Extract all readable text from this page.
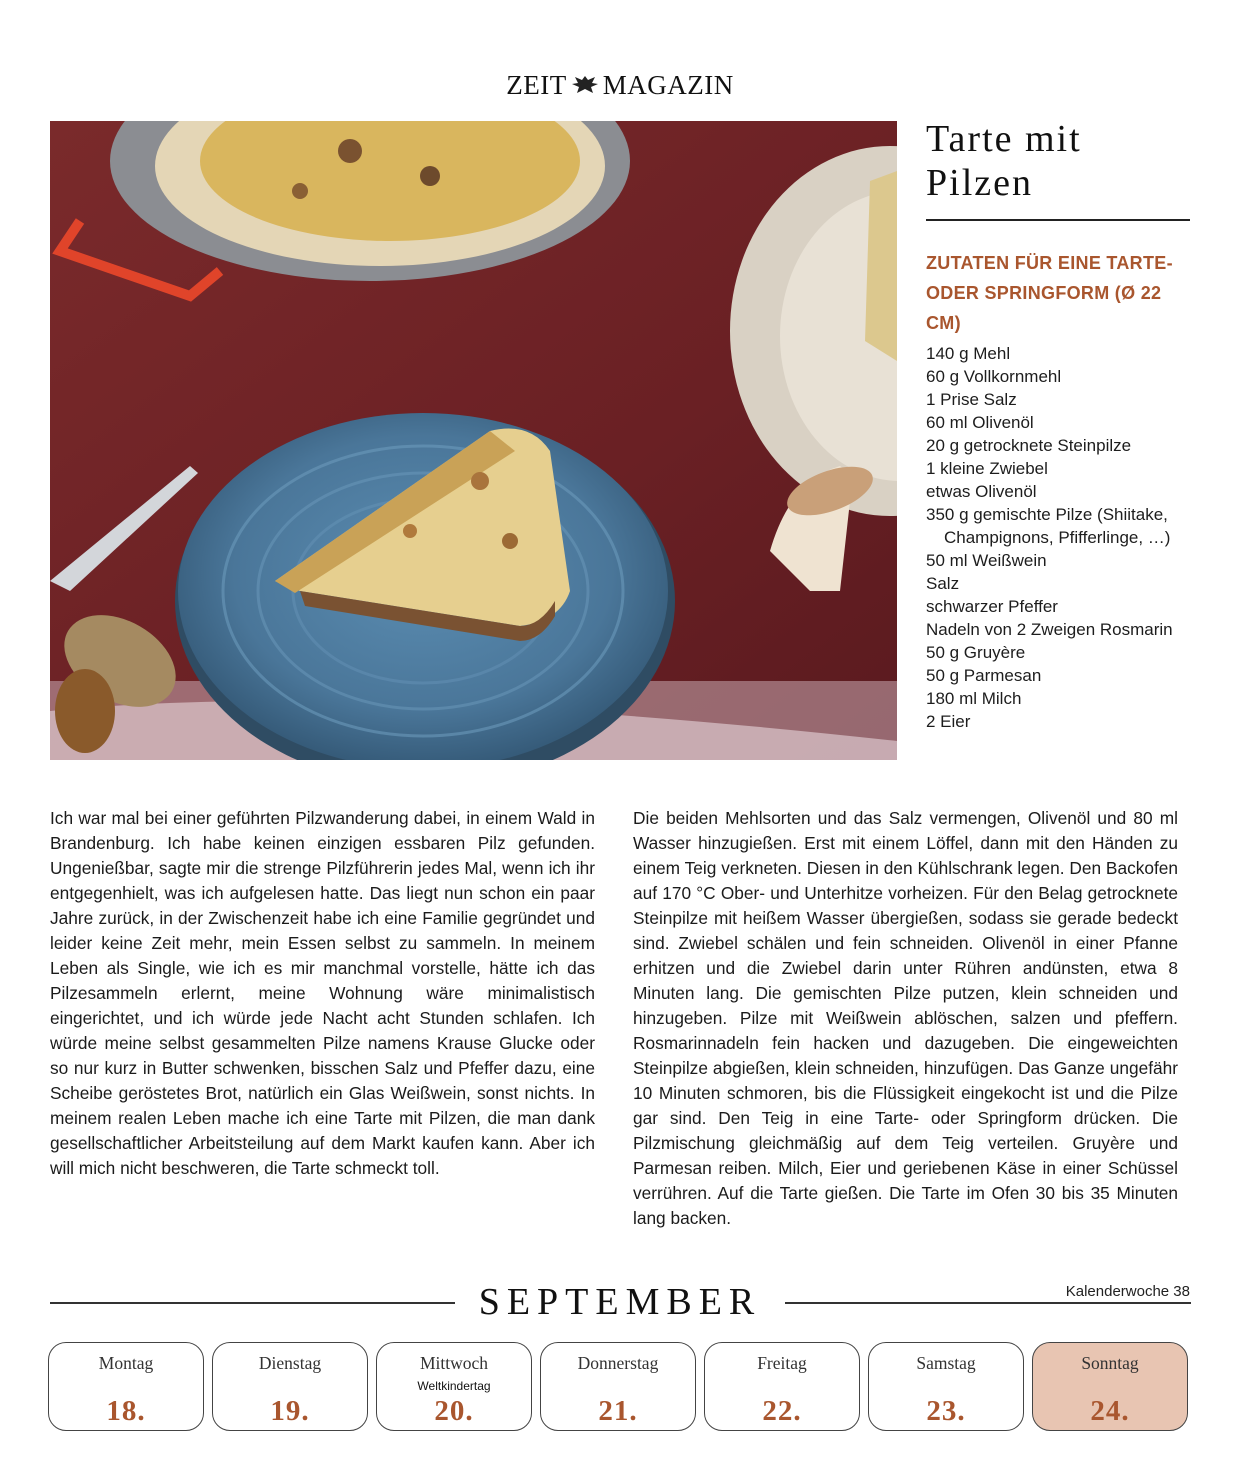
ZEIT MAGAZIN
Tarte mit Pilzen
ZUTATEN FÜR EINE TARTE- ODER SPRINGFORM (Ø 22 CM)
140 g Mehl
60 g Vollkornmehl
1 Prise Salz
60 ml Olivenöl
20 g getrocknete Steinpilze
1 kleine Zwiebel
etwas Olivenöl
350 g gemischte Pilze (Shiitake, Champignons, Pfifferlinge, …)
50 ml Weißwein
Salz
schwarzer Pfeffer
Nadeln von 2 Zweigen Rosmarin
50 g Gruyère
50 g Parmesan
180 ml Milch
2 Eier
Ich war mal bei einer geführten Pilzwanderung dabei, in einem Wald in Brandenburg. Ich habe keinen einzigen essbaren Pilz gefunden. Ungenießbar, sagte mir die strenge Pilzführerin jedes Mal, wenn ich ihr entgegenhielt, was ich aufgelesen hatte. Das liegt nun schon ein paar Jahre zurück, in der Zwischenzeit habe ich eine Familie gegründet und leider keine Zeit mehr, mein Essen selbst zu sammeln. In meinem Leben als Single, wie ich es mir manchmal vorstelle, hätte ich das Pilzesammeln erlernt, meine Wohnung wäre minimalistisch eingerichtet, und ich würde jede Nacht acht Stunden schlafen. Ich würde meine selbst gesammelten Pilze namens Krause Glucke oder so nur kurz in Butter schwenken, bisschen Salz und Pfeffer dazu, eine Scheibe geröstetes Brot, natürlich ein Glas Weißwein, sonst nichts. In meinem realen Leben mache ich eine Tarte mit Pilzen, die man dank gesellschaftlicher Arbeitsteilung auf dem Markt kaufen kann. Aber ich will mich nicht beschweren, die Tarte schmeckt toll.
Die beiden Mehlsorten und das Salz vermengen, Olivenöl und 80 ml Wasser hinzugießen. Erst mit einem Löffel, dann mit den Händen zu einem Teig verkneten. Diesen in den Kühlschrank legen. Den Backofen auf 170 °C Ober- und Unterhitze vorheizen. Für den Belag getrocknete Steinpilze mit heißem Wasser übergießen, sodass sie gerade bedeckt sind. Zwiebel schälen und fein schneiden. Olivenöl in einer Pfanne erhitzen und die Zwiebel darin unter Rühren andünsten, etwa 8 Minuten lang. Die gemischten Pilze putzen, klein schneiden und hinzugeben. Pilze mit Weißwein ablöschen, salzen und pfeffern. Rosmarinnadeln fein hacken und dazugeben. Die eingeweichten Steinpilze abgießen, klein schneiden, hinzufügen. Das Ganze ungefähr 10 Minuten schmoren, bis die Flüssigkeit eingekocht ist und die Pilze gar sind. Den Teig in eine Tarte- oder Springform drücken. Die Pilzmischung gleichmäßig auf dem Teig verteilen. Gruyère und Parmesan reiben. Milch, Eier und geriebenen Käse in einer Schüssel verrühren. Auf die Tarte gießen. Die Tarte im Ofen 30 bis 35 Minuten lang backen.
SEPTEMBER	Kalenderwoche 38
Montag
18.
Dienstag
19.
Mittwoch
Weltkindertag
20.
Donnerstag
21.
Freitag
22.
Samstag
23.
Sonntag
24.
